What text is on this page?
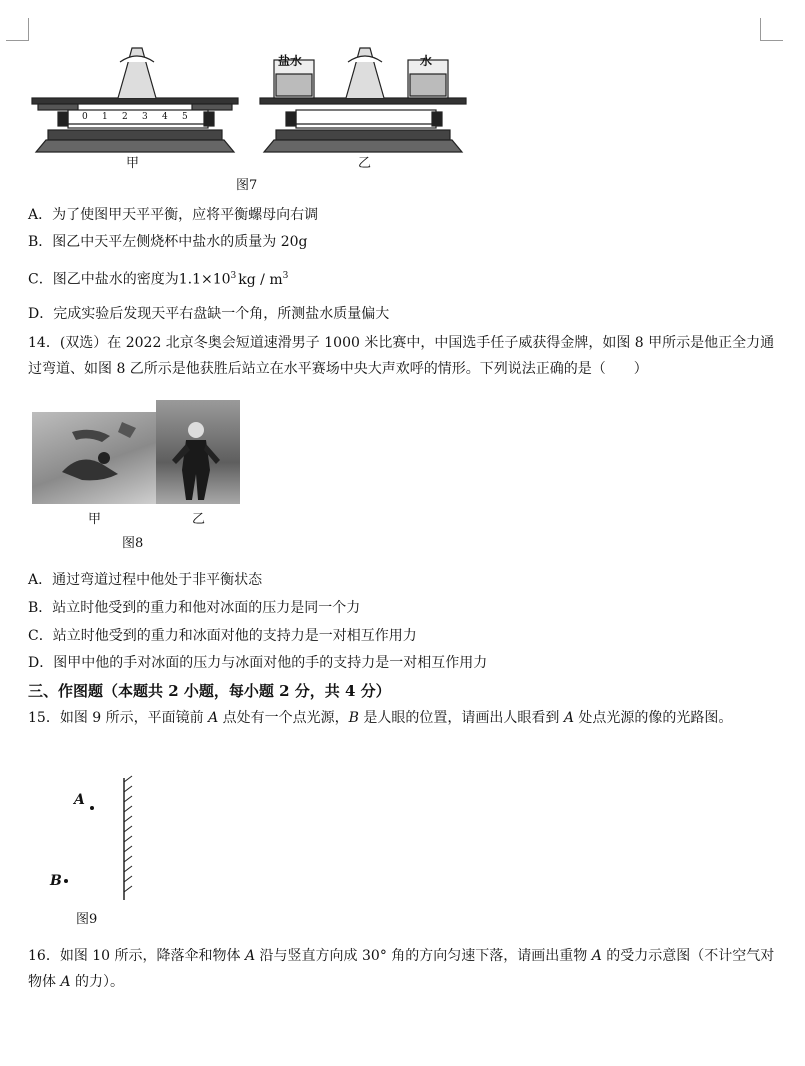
0 1 2 3 4 5
盐水	水
甲	乙
图7
A．为了使图甲天平平衡，应将平衡螺母向右调
B．图乙中天平左侧烧杯中盐水的质量为 20g
C．图乙中盐水的密度为$1.1\times 10^3$ kg / $m^3$
D．完成实验后发现天平右盘缺一个角，所测盐水质量偏大
14．(双选）在 2022 北京冬奥会短道速滑男子 1000 米比赛中，中国选手任子威获得金牌，如图 8 甲所示是他正全力通过弯道、如图 8 乙所示是他获胜后站立在水平赛场中央大声欢呼的情形。下列说法正确的是（　　）
甲	乙
图8
A．通过弯道过程中他处于非平衡状态
B．站立时他受到的重力和他对冰面的压力是同一个力
C．站立时他受到的重力和冰面对他的支持力是一对相互作用力
D．图甲中他的手对冰面的压力与冰面对他的手的支持力是一对相互作用力
三、作图题（本题共 2 小题，每小题 2 分，共 4 分）
15．如图 9 所示，平面镜前 A 点处有一个点光源，B 是人眼的位置，请画出人眼看到 A 处点光源的像的光路图。
A
B
图9
16．如图 10 所示，降落伞和物体 A 沿与竖直方向成 30° 角的方向匀速下落，请画出重物 A 的受力示意图（不计空气对物体 A 的力）。
